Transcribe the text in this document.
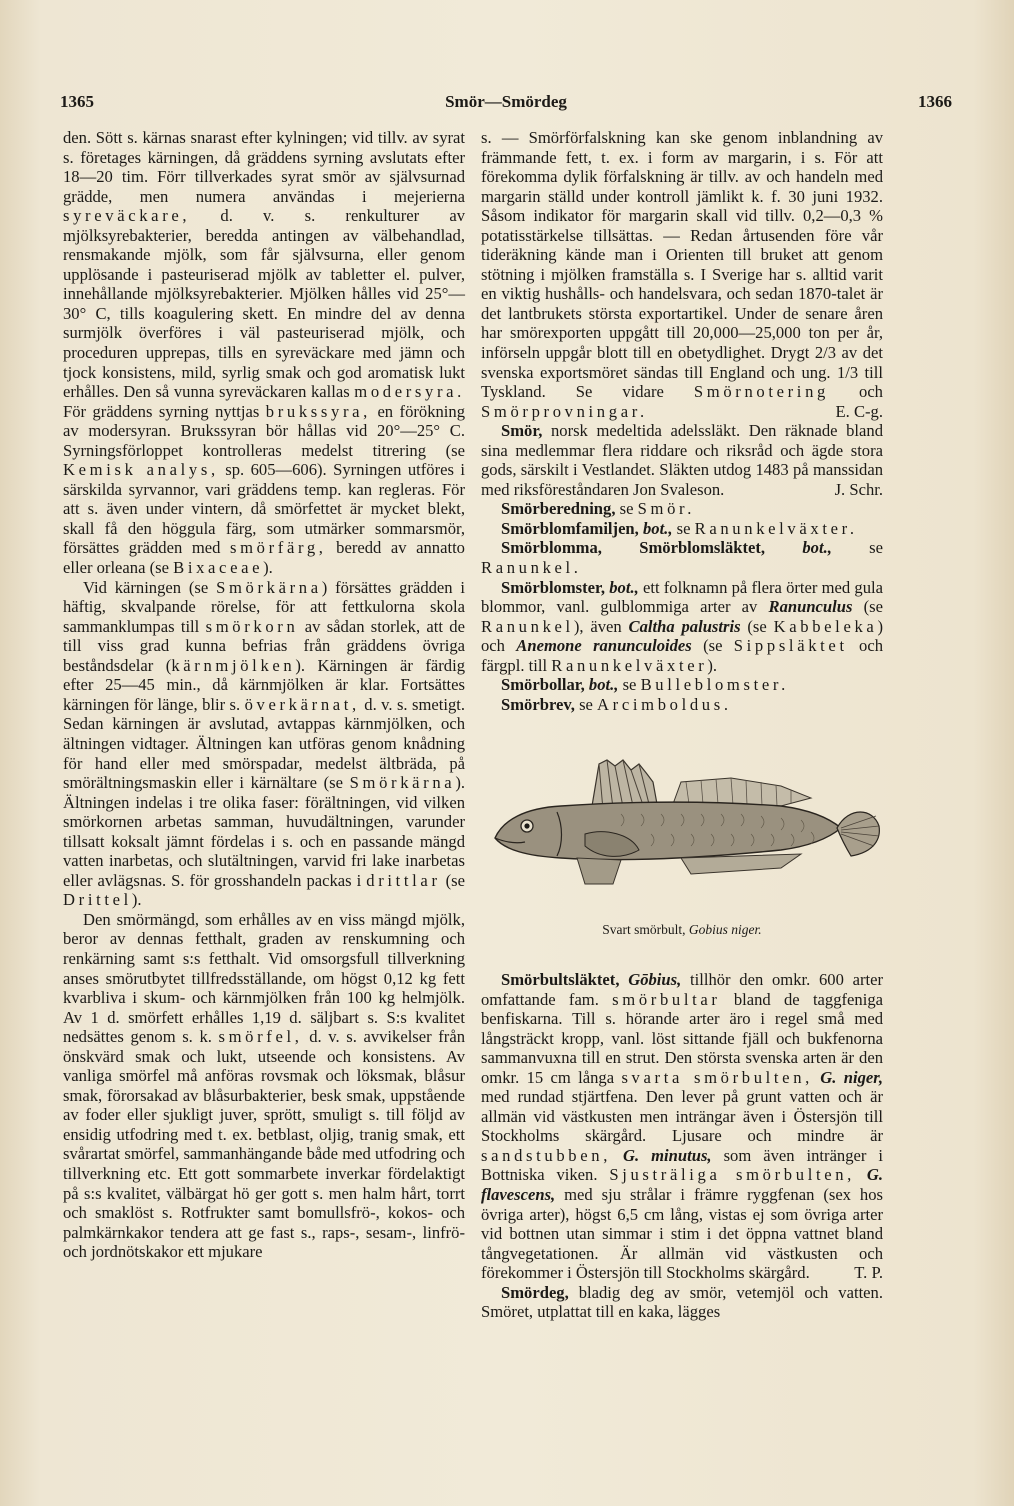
1365	Smör—Smördeg	1366

den. Sött s. kärnas snarast efter kylningen; vid tillv. av syrat s. företages kärningen, då gräddens syrning avslutats efter 18—20 tim. Förr tillverkades syrat smör av självsurnad grädde, men numera användas i mejerierna syreväckare, d. v. s. renkulturer av mjölksyrebakterier, beredda antingen av välbehandlad, rensmakande mjölk, som får självsurna, eller genom upplösande i pasteuriserad mjölk av tabletter el. pulver, innehållande mjölksyrebakterier. Mjölken hålles vid 25°—30° C, tills koagulering skett. En mindre del av denna surmjölk överföres i väl pasteuriserad mjölk, och proceduren upprepas, tills en syreväckare med jämn och tjock konsistens, mild, syrlig smak och god aromatisk lukt erhålles. Den så vunna syreväckaren kallas modersyra. För gräddens syrning nyttjas brukssyra, en förökning av modersyran. Brukssyran bör hållas vid 20°—25° C. Syrningsförloppet kontrolleras medelst titrering (se Kemisk analys, sp. 605—606). Syrningen utföres i särskilda syrvannor, vari gräddens temp. kan regleras. För att s. även under vintern, då smörfettet är mycket blekt, skall få den höggula färg, som utmärker sommarsmör, försättes grädden med smörfärg, beredd av annatto eller orleana (se Bixaceae).

Vid kärningen (se Smörkärna) försättes grädden i häftig, skvalpande rörelse, för att fettkulorna skola sammanklumpas till smörkorn av sådan storlek, att de till viss grad kunna befrias från gräddens övriga beståndsdelar (kärnmjölken). Kärningen är färdig efter 25—45 min., då kärnmjölken är klar. Fortsättes kärningen för länge, blir s. överkärnat, d. v. s. smetigt. Sedan kärningen är avslutad, avtappas kärnmjölken, och ältningen vidtager. Ältningen kan utföras genom knådning för hand eller med smörspadar, medelst ältbräda, på smörältningsmaskin eller i kärnältare (se Smörkärna). Ältningen indelas i tre olika faser: förältningen, vid vilken smörkornen arbetas samman, huvudältningen, varunder tillsatt koksalt jämnt fördelas i s. och en passande mängd vatten inarbetas, och slutältningen, varvid fri lake inarbetas eller avlägsnas. S. för grosshandeln packas i drittlar (se Drittel).

Den smörmängd, som erhålles av en viss mängd mjölk, beror av dennas fetthalt, graden av renskumning och renkärning samt s:s fetthalt. Vid omsorgsfull tillverkning anses smörutbytet tillfredsställande, om högst 0,12 kg fett kvarbliva i skum- och kärnmjölken från 100 kg helmjölk. Av 1 d. smörfett erhålles 1,19 d. säljbart s. S:s kvalitet nedsättes genom s. k. smörfel, d. v. s. avvikelser från önskvärd smak och lukt, utseende och konsistens. Av vanliga smörfel må anföras rovsmak och löksmak, blåsur smak, förorsakad av blåsurbakterier, besk smak, uppstående av foder eller sjukligt juver, sprött, smuligt s. till följd av ensidig utfodring med t. ex. betblast, oljig, tranig smak, ett svårartat smörfel, sammanhängande både med utfodring och tillverkning etc. Ett gott sommarbete inverkar fördelaktigt på s:s kvalitet, välbärgat hö ger gott s. men halm hårt, torrt och smaklöst s. Rotfrukter samt bomullsfrö-, kokos- och palmkärnkakor tendera att ge fast s., raps-, sesam-, linfrö- och jordnötskakor ett mjukare

s. — Smörförfalskning kan ske genom inblandning av främmande fett, t. ex. i form av margarin, i s. För att förekomma dylik förfalskning är tillv. av och handeln med margarin ställd under kontroll jämlikt k. f. 30 juni 1932. Såsom indikator för margarin skall vid tillv. 0,2—0,3 % potatisstärkelse tillsättas. — Redan årtusenden före vår tideräkning kände man i Orienten till bruket att genom stötning i mjölken framställa s. I Sverige har s. alltid varit en viktig hushålls- och handelsvara, och sedan 1870-talet är det lantbrukets största exportartikel. Under de senare åren har smörexporten uppgått till 20,000—25,000 ton per år, införseln uppgår blott till en obetydlighet. Drygt 2/3 av det svenska exportsmöret sändas till England och ung. 1/3 till Tyskland. Se vidare Smörnotering och Smörprovningar.	E. C-g.

Smör, norsk medeltida adelssläkt. Den räknade bland sina medlemmar flera riddare och riksråd och ägde stora gods, särskilt i Vestlandet. Släkten utdog 1483 på manssidan med riksföreståndaren Jon Svaleson.	J. Schr.

Smörberedning, se Smör.

Smörblomfamiljen, bot., se Ranunkelväxter.

Smörblomma, Smörblomsläktet, bot., se Ranunkel.

Smörblomster, bot., ett folknamn på flera örter med gula blommor, vanl. gulblommiga arter av Ranunculus (se Ranunkel), även Caltha palustris (se Kabbeleka) och Anemone ranunculoides (se Sippsläktet och färgpl. till Ranunkelväxter).

Smörbollar, bot., se Bulleblomster.

Smörbrev, se Arcimboldus.

Svart smörbult, Gobius niger.

Smörbultsläktet, Gōbius, tillhör den omkr. 600 arter omfattande fam. smörbultar bland de taggfeniga benfiskarna. Till s. hörande arter äro i regel små med långsträckt kropp, vanl. löst sittande fjäll och bukfenorna sammanvuxna till en strut. Den största svenska arten är den omkr. 15 cm långa svarta smörbulten, G. niger, med rundad stjärtfena. Den lever på grunt vatten och är allmän vid västkusten men inträngar även i Östersjön till Stockholms skärgård. Ljusare och mindre är sandstubben, G. minutus, som även intränger i Bottniska viken. Sjusträliga smörbulten, G. flavescens, med sju strålar i främre ryggfenan (sex hos övriga arter), högst 6,5 cm lång, vistas ej som övriga arter vid bottnen utan simmar i stim i det öppna vattnet bland tångvegetationen. Är allmän vid västkusten och förekommer i Östersjön till Stockholms skärgård.	T. P.

Smördeg, bladig deg av smör, vetemjöl och vatten. Smöret, utplattat till en kaka, lägges
